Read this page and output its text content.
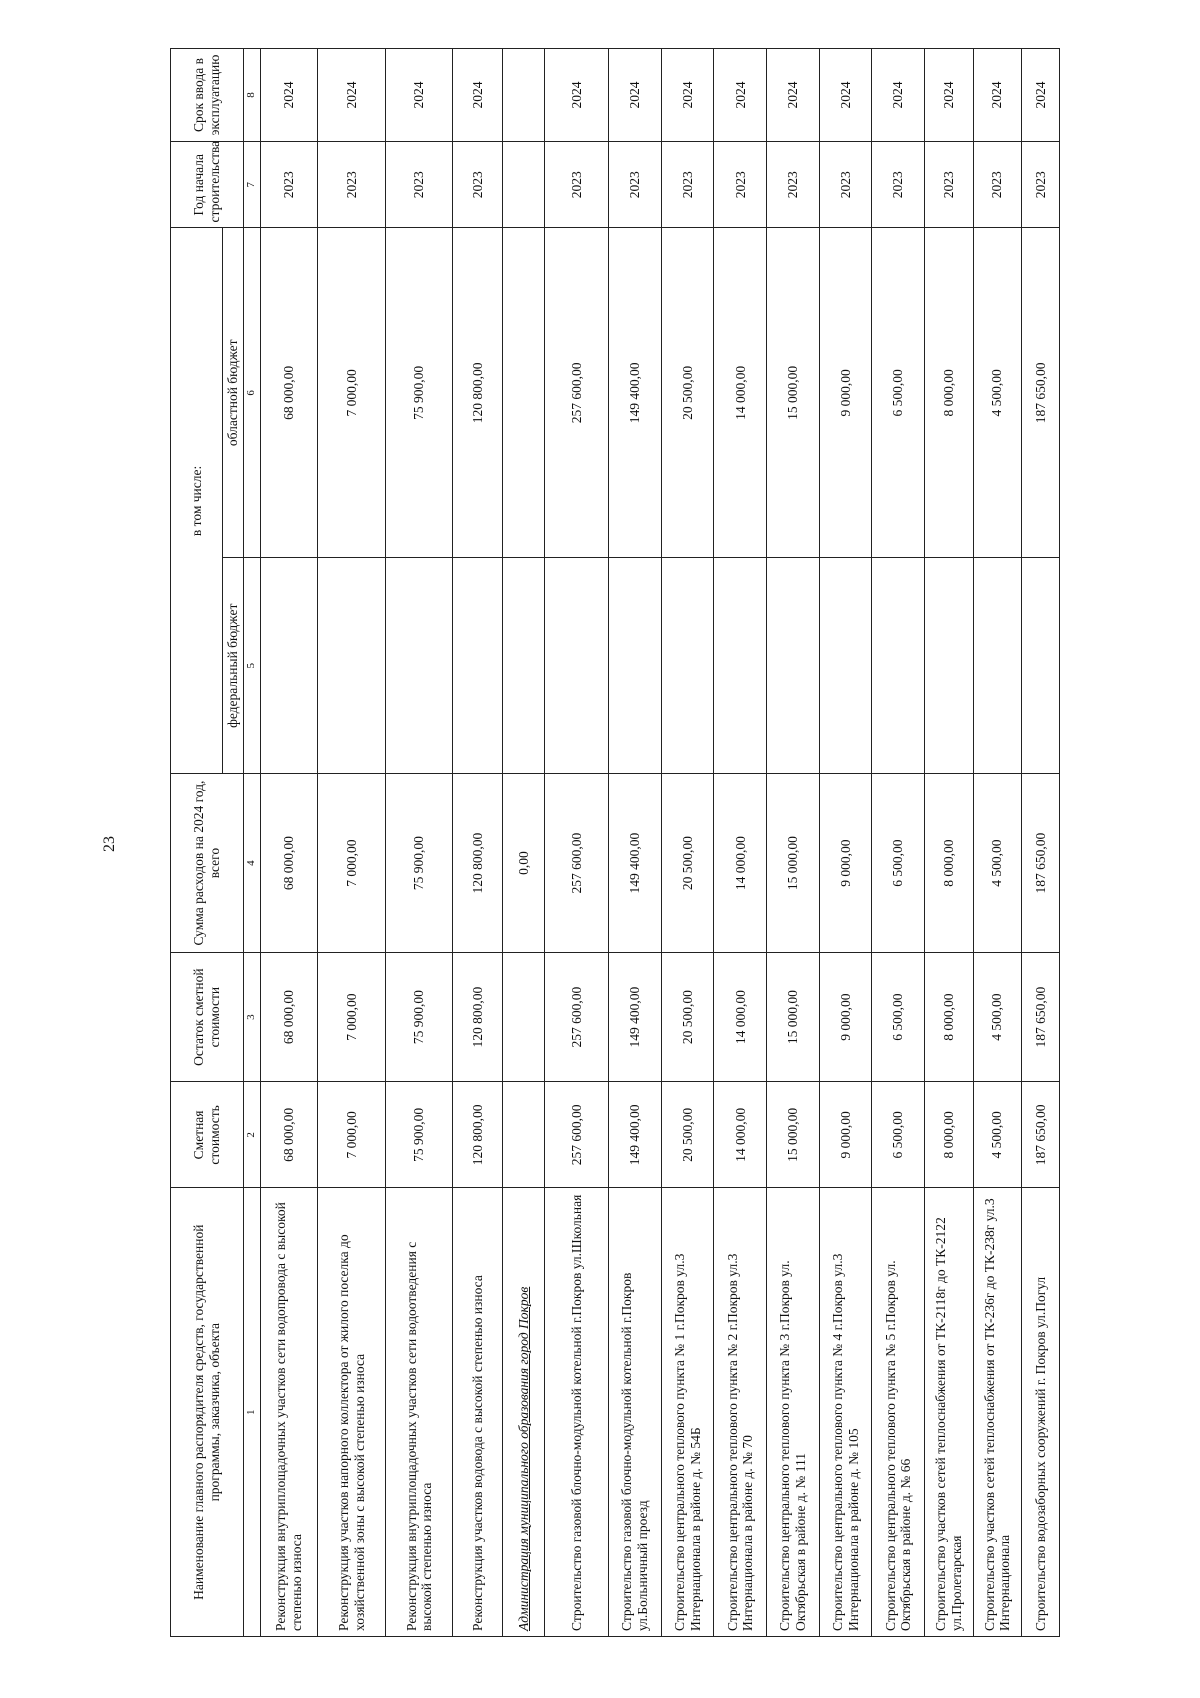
23
Наименование главного распорядителя средств, государственной программы, заказчика, объекта	Сметная стоимость	Остаток сметной стоимости	Сумма расходов на 2024 год, всего	в том числе:		Год начала строительства	Срок ввода в эксплуатацию
				федеральный бюджет	областной бюджет		
1	2	3	4	5	6	7	8
Реконструкция внутриплощадочных участков сети водопровода с высокой степенью износа	68 000,00	68 000,00	68 000,00		68 000,00	2023	2024
Реконструкция участков напорного коллектора от жилого поселка до хозяйственной зоны с высокой степенью износа	7 000,00	7 000,00	7 000,00		7 000,00	2023	2024
Реконструкция внутриплощадочных участков сети водоотведения с высокой степенью износа	75 900,00	75 900,00	75 900,00		75 900,00	2023	2024
Реконструкция участков водовода с высокой степенью износа	120 800,00	120 800,00	120 800,00		120 800,00	2023	2024
Администрация муниципального образования город Покров			0,00				
Строительство газовой блочно-модульной котельной г.Покров ул.Школьная	257 600,00	257 600,00	257 600,00		257 600,00	2023	2024
Строительство газовой блочно-модульной котельной г.Покров ул.Больничный проезд	149 400,00	149 400,00	149 400,00		149 400,00	2023	2024
Строительство центрального теплового пункта № 1 г.Покров ул.3 Интернационала в районе д. № 54Б	20 500,00	20 500,00	20 500,00		20 500,00	2023	2024
Строительство центрального теплового пункта № 2 г.Покров ул.3 Интернационала в районе д. № 70	14 000,00	14 000,00	14 000,00		14 000,00	2023	2024
Строительство центрального теплового пункта № 3 г.Покров ул. Октябрьская в районе д. № 111	15 000,00	15 000,00	15 000,00		15 000,00	2023	2024
Строительство центрального теплового пункта № 4 г.Покров ул.3 Интернационала в районе д. № 105	9 000,00	9 000,00	9 000,00		9 000,00	2023	2024
Строительство центрального теплового пункта № 5 г.Покров ул. Октябрьская в районе д. № 66	6 500,00	6 500,00	6 500,00		6 500,00	2023	2024
Строительство участков сетей теплоснабжения от ТК-2118г до ТК-2122 ул.Пролетарская	8 000,00	8 000,00	8 000,00		8 000,00	2023	2024
Строительство участков сетей теплоснабжения от ТК-236г до ТК-238г ул.3 Интернационала	4 500,00	4 500,00	4 500,00		4 500,00	2023	2024
Строительство водозаборных сооружений г. Покров ул.Погул	187 650,00	187 650,00	187 650,00		187 650,00	2023	2024
